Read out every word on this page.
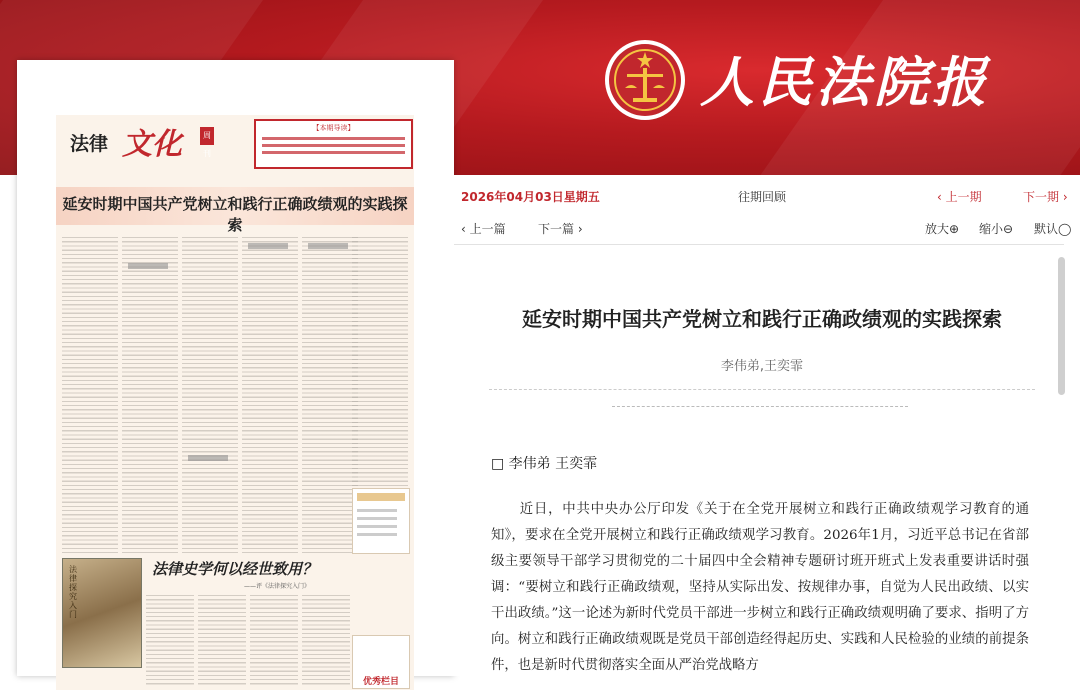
人民法院报
法律 文化	周刊
【本期导读】
延安时期中国共产党树立和践行正确政绩观的实践探索
法律探究入门
法律史学何以经世致用？
——评《法律探究入门》
优秀栏目
2026年04月03日星期五	往期回顾	‹ 上一期	下一期 ›
‹ 上一篇	下一篇 ›	放大⊕ 缩小⊖ 默认◯
延安时期中国共产党树立和践行正确政绩观的实践探索
李伟弟,王奕霏
□ 李伟弟 王奕霏
近日，中共中央办公厅印发《关于在全党开展树立和践行正确政绩观学习教育的通知》，要求在全党开展树立和践行正确政绩观学习教育。2026年1月，习近平总书记在省部级主要领导干部学习贯彻党的二十届四中全会精神专题研讨班开班式上发表重要讲话时强调：“要树立和践行正确政绩观，坚持从实际出发、按规律办事，自觉为人民出政绩、以实干出政绩。”这一论述为新时代党员干部进一步树立和践行正确政绩观明确了要求、指明了方向。树立和践行正确政绩观既是党员干部创造经得起历史、实践和人民检验的业绩的前提条件，也是新时代贯彻落实全面从严治党战略方
